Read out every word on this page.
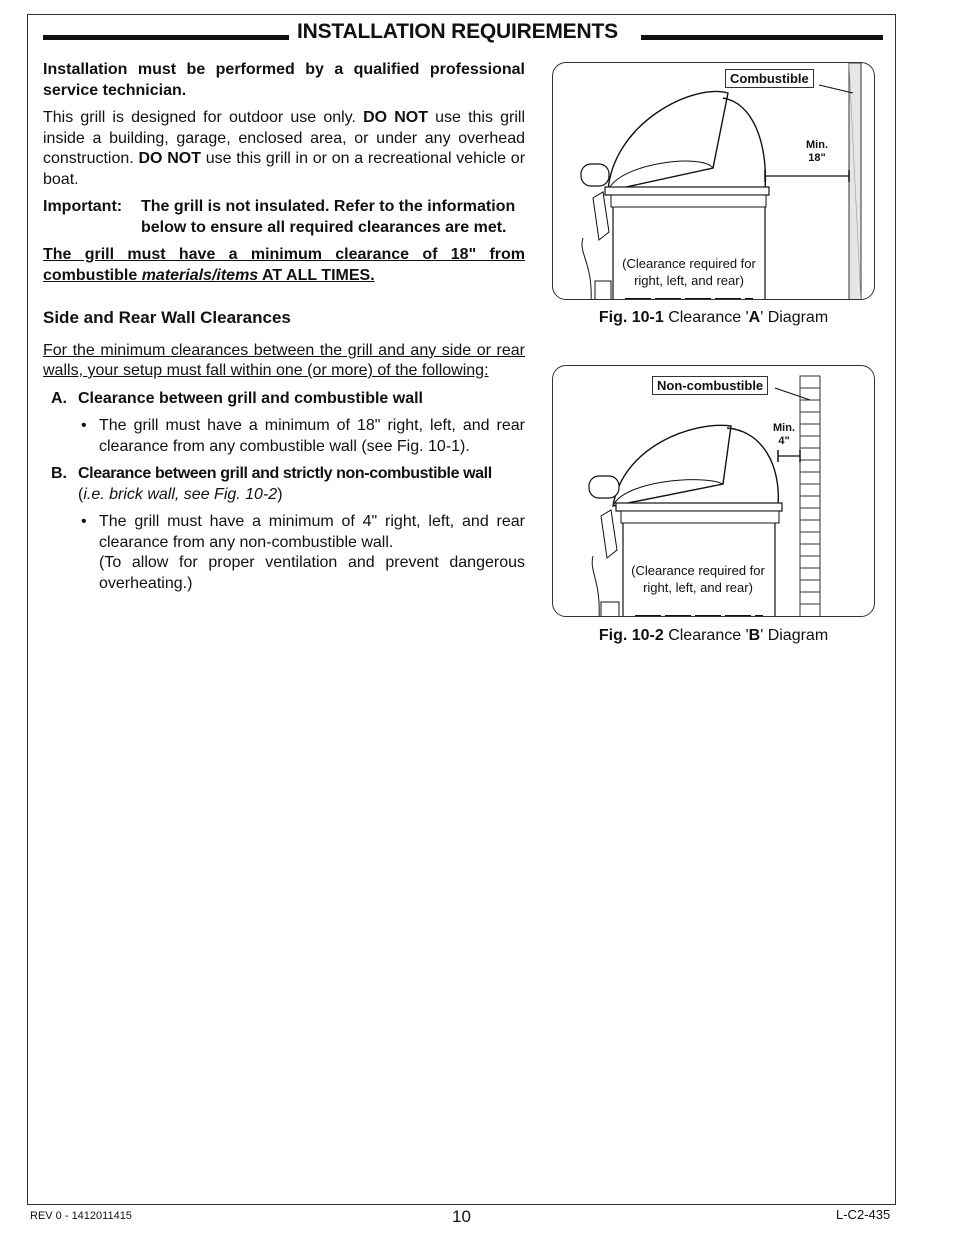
INSTALLATION REQUIREMENTS

Installation must be performed by a qualified professional service technician.

This grill is designed for outdoor use only. DO NOT use this grill inside a building, garage, enclosed area, or under any overhead construction. DO NOT use this grill in or on a recreational vehicle or boat.

Important:	The grill is not insulated. Refer to the information below to ensure all required clearances are met.

The grill must have a minimum clearance of 18" from combustible materials/items AT ALL TIMES.

Side and Rear Wall Clearances

For the minimum clearances between the grill and any side or rear walls, your setup must fall within one (or more) of the following:

A. Clearance between grill and combustible wall
• The grill must have a minimum of 18" right, left, and rear clearance from any combustible wall (see Fig. 10-1).
B. Clearance between grill and strictly non-combustible wall
(i.e. brick wall, see Fig. 10-2)
• The grill must have a minimum of 4" right, left, and rear clearance from any non-combustible wall.
(To allow for proper ventilation and prevent dangerous overheating.)
Combustible
Min.
18"
(Clearance required for right, left, and rear)
Fig. 10-1 Clearance 'A' Diagram
Non-combustible
Min.
4"
(Clearance required for right, left, and rear)
Fig. 10-2 Clearance 'B' Diagram
REV 0 - 1412011415	10	L-C2-435
